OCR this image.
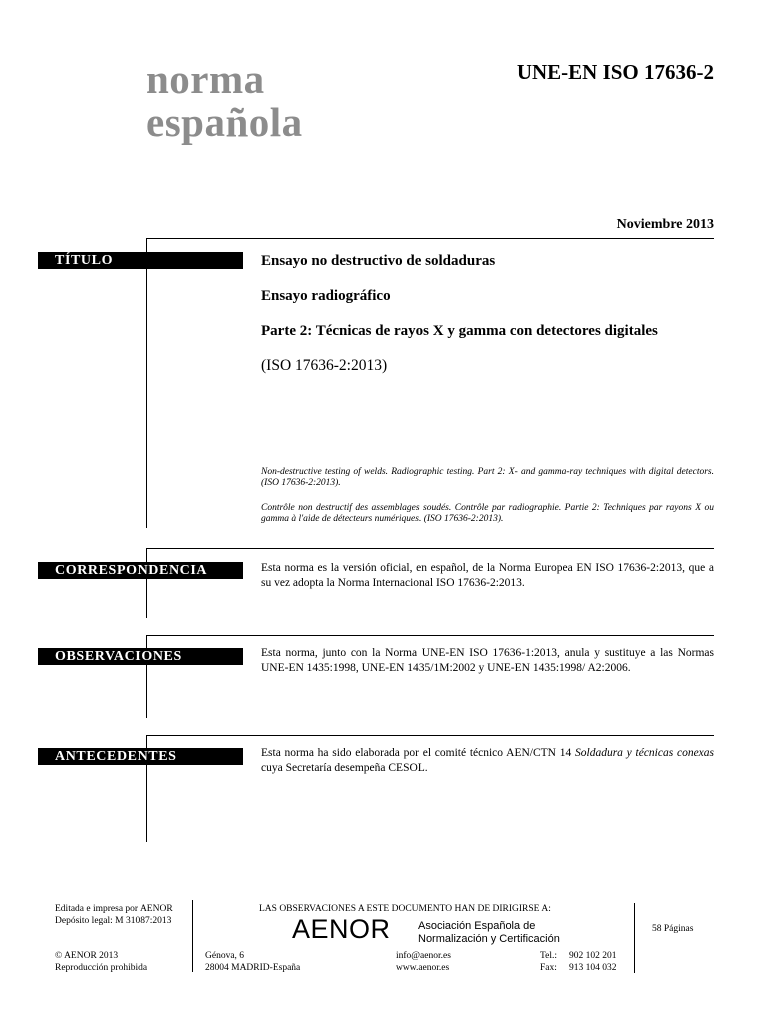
norma
española
UNE-EN ISO 17636-2
Noviembre 2013
TÍTULO	Ensayo no destructivo de soldaduras

Ensayo radiográfico

Parte 2: Técnicas de rayos X y gamma con detectores digitales

(ISO 17636-2:2013)

Non-destructive testing of welds. Radiographic testing. Part 2: X- and gamma-ray techniques with digital detectors. (ISO 17636-2:2013).

Contrôle non destructif des assemblages soudés. Contrôle par radiographie. Partie 2: Techniques par rayons X ou gamma à l'aide de détecteurs numériques. (ISO 17636-2:2013).

CORRESPONDENCIA	Esta norma es la versión oficial, en español, de la Norma Europea EN ISO 17636-2:2013, que a su vez adopta la Norma Internacional ISO 17636-2:2013.

OBSERVACIONES	Esta norma, junto con la Norma UNE-EN ISO 17636-1:2013, anula y sustituye a las Normas UNE-EN 1435:1998, UNE-EN 1435/1M:2002 y UNE-EN 1435:1998/ A2:2006.

ANTECEDENTES	Esta norma ha sido elaborada por el comité técnico AEN/CTN 14 Soldadura y técnicas conexas cuya Secretaría desempeña CESOL.

Editada e impresa por AENOR
Depósito legal: M 31087:2013
© AENOR 2013
Reproducción prohibida
LAS OBSERVACIONES A ESTE DOCUMENTO HAN DE DIRIGIRSE A:
AENOR Asociación Española de
Normalización y Certificación
Génova, 6
28004 MADRID-España
info@aenor.es
www.aenor.es
Tel.: 902 102 201
Fax: 913 104 032
58 Páginas
